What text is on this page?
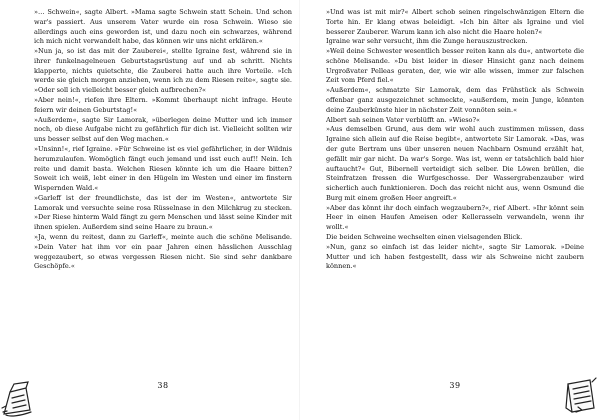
»… Schwein«, sagte Albert. »Mama sagte Schwein statt Schein. Und schon war's passiert. Aus unserem Vater wurde ein rosa Schwein. Wieso sie allerdings auch eins geworden ist, und dazu noch ein schwarzes, während ich mich nicht verwandelt habe, das können wir uns nicht erklären.«

»Nun ja, so ist das mit der Zauberei«, stellte Igraine fest, während sie in ihrer funkelnagelneuen Geburtstagsrüstung auf und ab schritt. Nichts klapperte, nichts quietschte, die Zauberei hatte auch ihre Vorteile. »Ich werde sie gleich morgen anziehen, wenn ich zu dem Riesen reite«, sagte sie. »Oder soll ich vielleicht besser gleich aufbrechen?«

»Aber nein!«, riefen ihre Eltern. »Kommt überhaupt nicht infrage. Heute feiern wir deinen Geburtstag!«

»Außerdem«, sagte Sir Lamorak, »überlegen deine Mutter und ich immer noch, ob diese Aufgabe nicht zu gefährlich für dich ist. Vielleicht sollten wir uns besser selbst auf den Weg machen.«

»Unsinn!«, rief Igraine. »Für Schweine ist es viel gefährlicher, in der Wildnis herumzulaufen. Womöglich fängt euch jemand und isst euch auf!! Nein. Ich reite und damit basta. Welchen Riesen könnte ich um die Haare bitten? Soweit ich weiß, lebt einer in den Hügeln im Westen und einer im finstern Wispernden Wald.«

»Garleff ist der freundlichste, das ist der im Westen«, antwortete Sir Lamorak und versuchte seine rosa Rüsselnase in den Milchkrug zu stecken. »Der Riese hinterm Wald fängt zu gern Menschen und lässt seine Kinder mit ihnen spielen. Außerdem sind seine Haare zu braun.«

»Ja, wenn du reitest, dann zu Garleff«, meinte auch die schöne Melisande. »Dein Vater hat ihm vor ein paar Jahren einen hässlichen Ausschlag weggezaubert, so etwas vergessen Riesen nicht. Sie sind sehr dankbare Geschöpfe.«

38

»Und was ist mit mir?« Albert schob seinen ringelschwänzigen Eltern die Torte hin. Er klang etwas beleidigt. »Ich bin älter als Igraine und viel besserer Zauberer. Warum kann ich also nicht die Haare holen?«

Igraine war sehr versucht, ihm die Zunge herauszustrecken.

»Weil deine Schwester wesentlich besser reiten kann als du«, antwortete die schöne Melisande. »Du bist leider in dieser Hinsicht ganz nach deinem Urgroßvater Pelleas geraten, der, wie wir alle wissen, immer zur falschen Zeit vom Pferd fiel.«

»Außerdem«, schmatzte Sir Lamorak, dem das Frühstück als Schwein offenbar ganz ausgezeichnet schmeckte, »außerdem, mein Junge, könnten deine Zauberkünste hier in nächster Zeit vonnöten sein.«

Albert sah seinen Vater verblüfft an. »Wieso?«

»Aus demselben Grund, aus dem wir wohl auch zustimmen müssen, dass Igraine sich allein auf die Reise begibt«, antwortete Sir Lamorak. »Das, was der gute Bertram uns über unseren neuen Nachbarn Osmund erzählt hat, gefällt mir gar nicht. Da war's Sorge. Was ist, wenn er tatsächlich bald hier auftaucht?« Gut, Bibernell verteidigt sich selber. Die Löwen brüllen, die Steinfratzen fressen die Wurfgeschosse. Der Wassergrabenzauber wird sicherlich auch funktionieren. Doch das reicht nicht aus, wenn Osmund die Burg mit einem großen Heer angreift.«

»Aber das könnt ihr doch einfach wegzaubern?«, rief Albert. »Ihr könnt sein Heer in einen Haufen Ameisen oder Kellerasseln verwandeln, wenn ihr wollt.«

Die beiden Schweine wechselten einen vielsagenden Blick.

»Nun, ganz so einfach ist das leider nicht«, sagte Sir Lamorak. »Deine Mutter und ich haben festgestellt, dass wir als Schweine nicht zaubern können.«

39
